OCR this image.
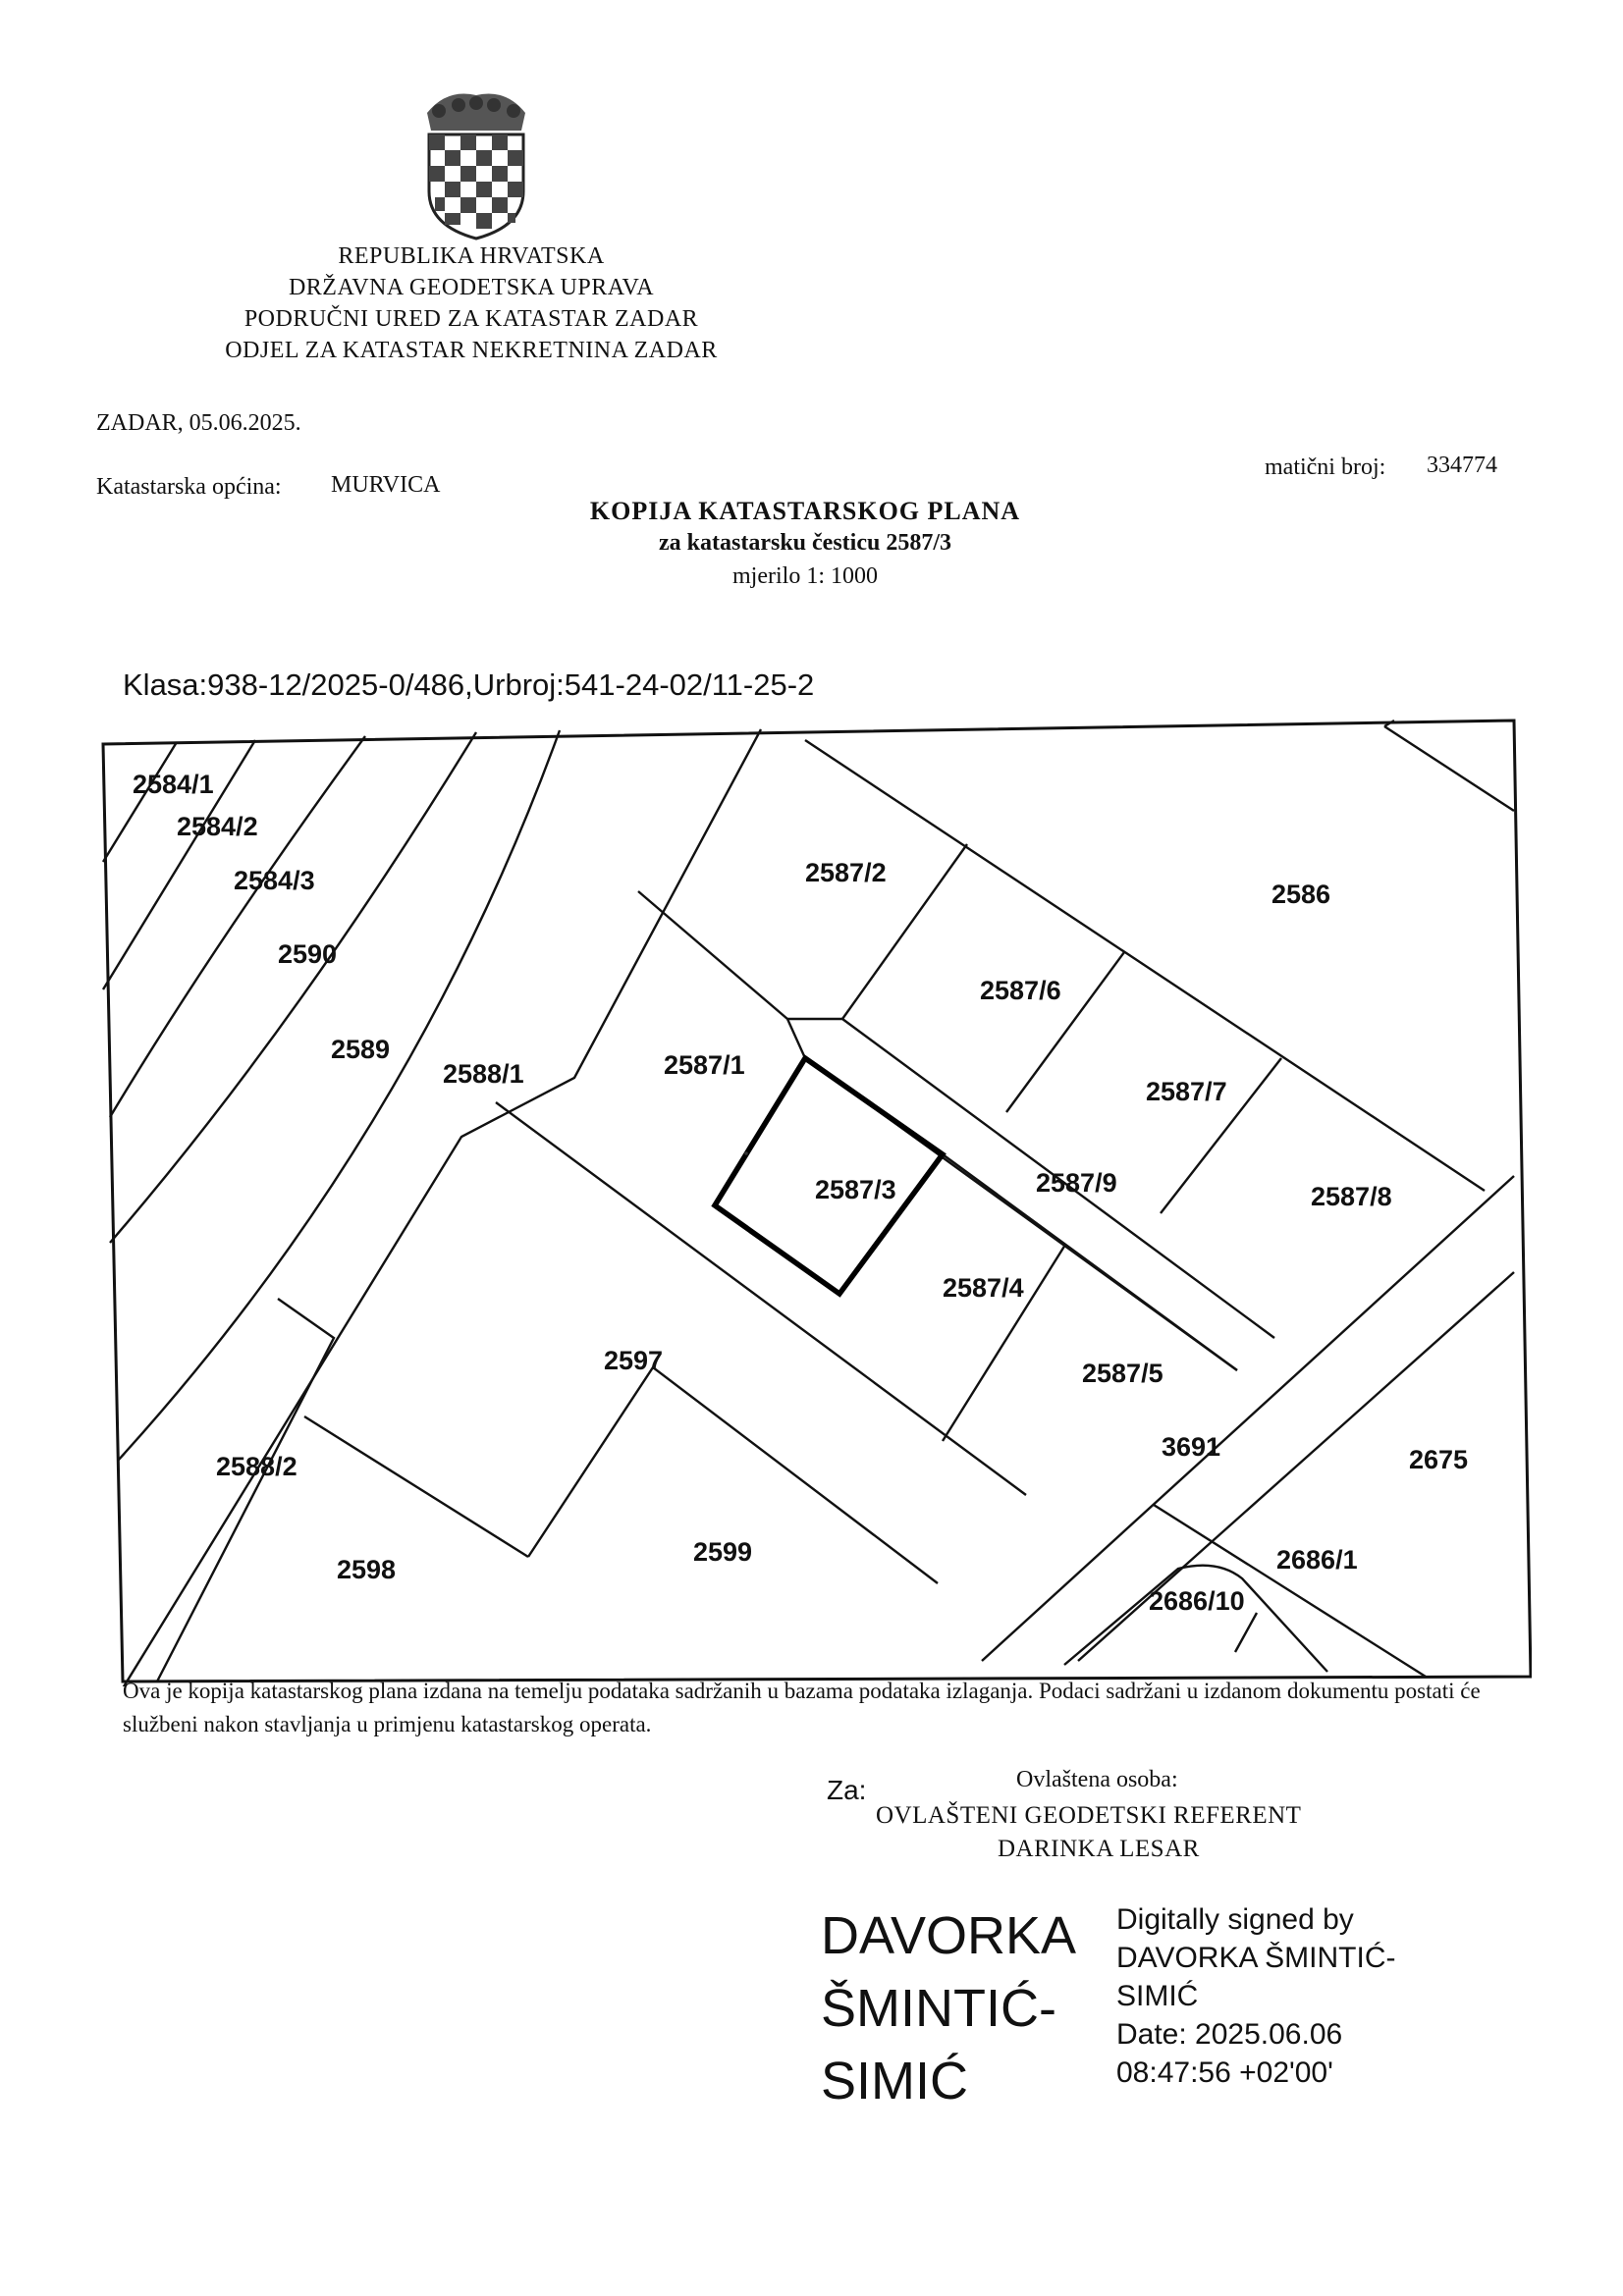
REPUBLIKA HRVATSKA
DRŽAVNA GEODETSKA UPRAVA
PODRUČNI URED ZA KATASTAR ZADAR
ODJEL ZA KATASTAR NEKRETNINA ZADAR
ZADAR, 05.06.2025.
Katastarska općina: MURVICA
matični broj: 334774
KOPIJA KATASTARSKOG PLANA
za katastarsku česticu 2587/3
mjerilo 1: 1000
Klasa:938-12/2025-0/486,Urbroj:541-24-02/11-25-2
2584/1
2584/2
2584/3
2590
2589
2588/1	2587/1
2587/2
2586
2587/6
2587/7
2587/3	2587/9	2587/8
2587/4
2587/5
2597
2588/2
2599
2598
3691	2675
2686/1
2686/10
Ova je kopija katastarskog plana izdana na temelju podataka sadržanih u bazama podataka izlaganja. Podaci sadržani u izdanom dokumentu postati će službeni nakon stavljanja u primjenu katastarskog operata.
Za:	Ovlaštena osoba:
OVLAŠTENI GEODETSKI REFERENT
DARINKA LESAR
DAVORKA ŠMINTIĆ-SIMIĆ
Digitally signed by
DAVORKA ŠMINTIĆ-
SIMIĆ
Date: 2025.06.06
08:47:56 +02'00'
